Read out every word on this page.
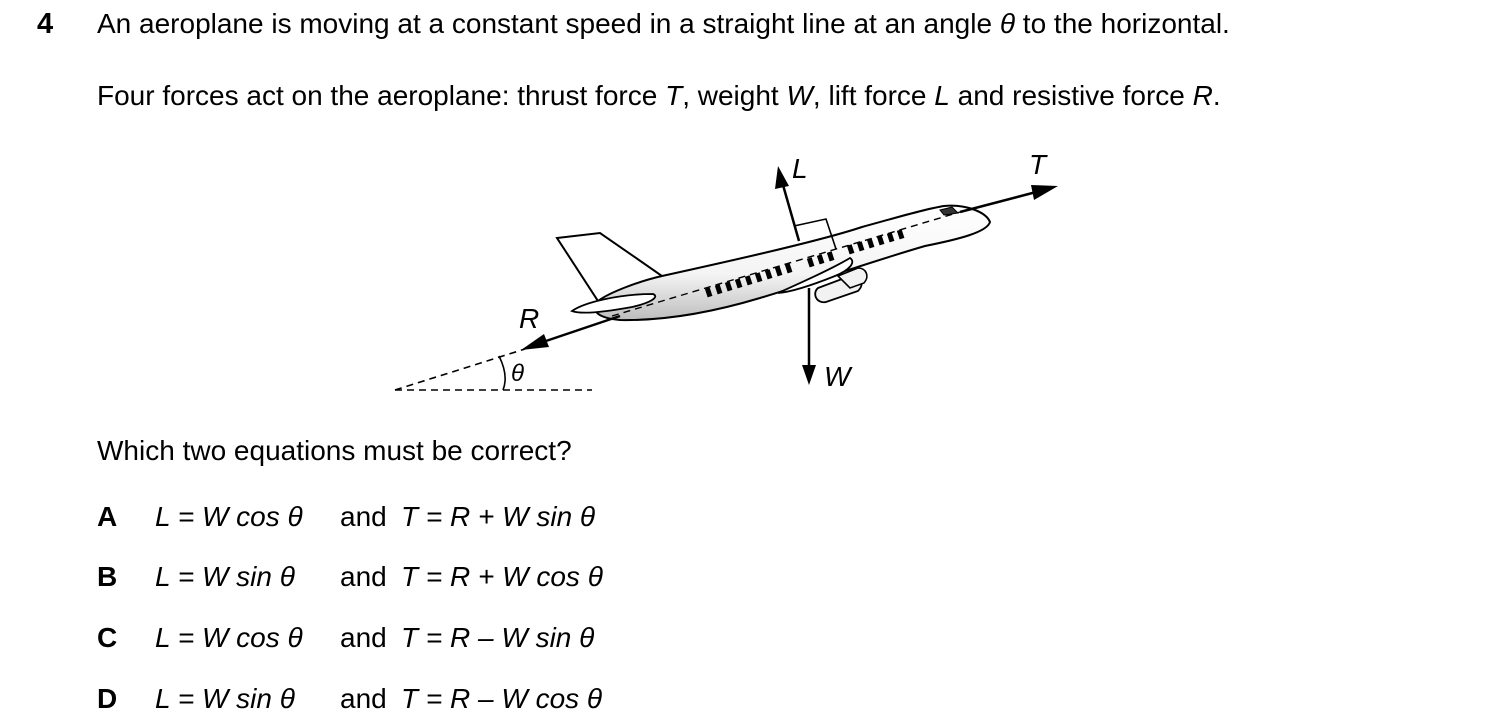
4 An aeroplane is moving at a constant speed in a straight line at an angle θ to the horizontal.
Four forces act on the aeroplane: thrust force T, weight W, lift force L and resistive force R.
L	T
R
W
θ
Which two equations must be correct?
A	L = W cos θ and T = R + W sin θ
B	L = W sin θ and T = R + W cos θ
C	L = W cos θ and T = R – W sin θ
D	L = W sin θ and T = R – W cos θ
